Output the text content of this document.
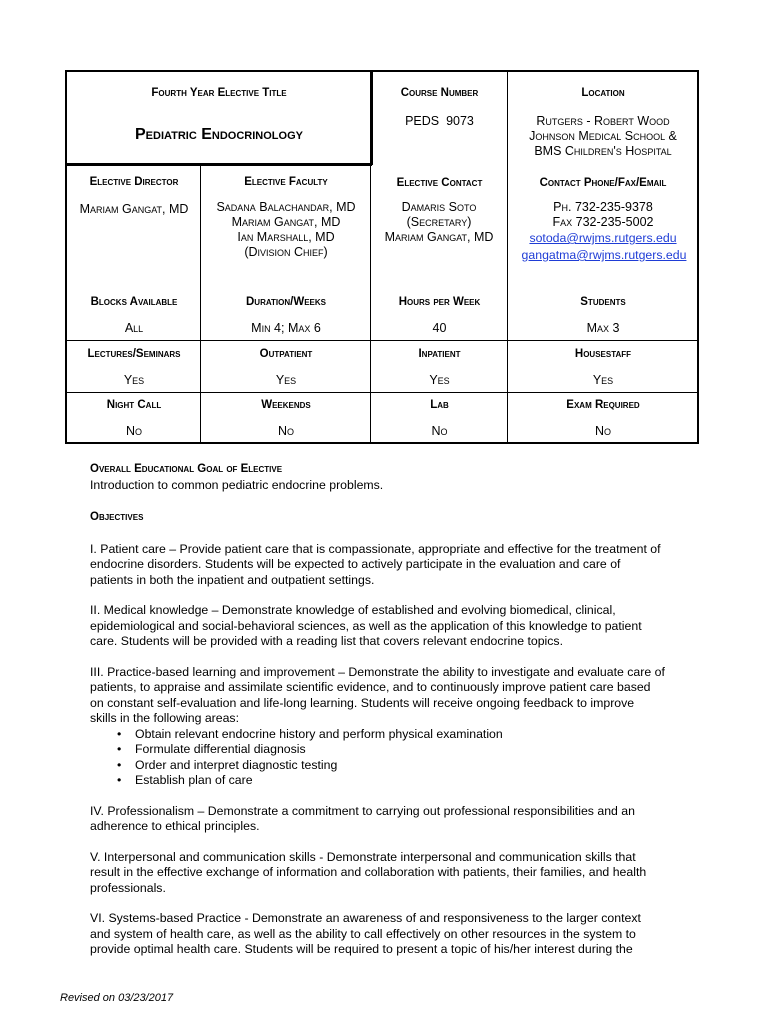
Fourth Year Elective Title
Pediatric Endocrinology
Course Number
PEDS  9073
Location
Rutgers - Robert Wood
Johnson Medical School &
BMS Children's Hospital
Elective Director
Mariam Gangat, MD
Elective Faculty
Sadana Balachandar, MD
Mariam Gangat, MD
Ian Marshall, MD
(Division Chief)
Elective Contact
Damaris Soto
(Secretary)
Mariam Gangat, MD
Contact Phone/Fax/Email
Ph. 732-235-9378
Fax 732-235-5002
sotoda@rwjms.rutgers.edu
gangatma@rwjms.rutgers.edu
Blocks Available
All
Duration/Weeks
Min 4; Max 6
Hours per Week
40
Students
Max 3
Lectures/Seminars
Yes
Outpatient
Yes
Inpatient
Yes
Housestaff
Yes
Night Call
No
Weekends
No
Lab
No
Exam Required
No

Overall Educational Goal of Elective

Introduction to common pediatric endocrine problems.

Objectives

I. Patient care – Provide patient care that is compassionate, appropriate and effective for the treatment of

endocrine disorders. Students will be expected to actively participate in the evaluation and care of

patients in both the inpatient and outpatient settings.

II. Medical knowledge – Demonstrate knowledge of established and evolving biomedical, clinical,

epidemiological and social-behavioral sciences, as well as the application of this knowledge to patient

care. Students will be provided with a reading list that covers relevant endocrine topics.

III. Practice-based learning and improvement – Demonstrate the ability to investigate and evaluate care of

patients, to appraise and assimilate scientific evidence, and to continuously improve patient care based

on constant self-evaluation and life-long learning. Students will receive ongoing feedback to improve

skills in the following areas:

• Obtain relevant endocrine history and perform physical examination
• Formulate differential diagnosis
• Order and interpret diagnostic testing
• Establish plan of care

IV. Professionalism – Demonstrate a commitment to carrying out professional responsibilities and an

adherence to ethical principles.

V. Interpersonal and communication skills - Demonstrate interpersonal and communication skills that

result in the effective exchange of information and collaboration with patients, their families, and health

professionals.

VI. Systems-based Practice - Demonstrate an awareness of and responsiveness to the larger context

and system of health care, as well as the ability to call effectively on other resources in the system to

provide optimal health care. Students will be required to present a topic of his/her interest during the

Revised on 03/23/2017
